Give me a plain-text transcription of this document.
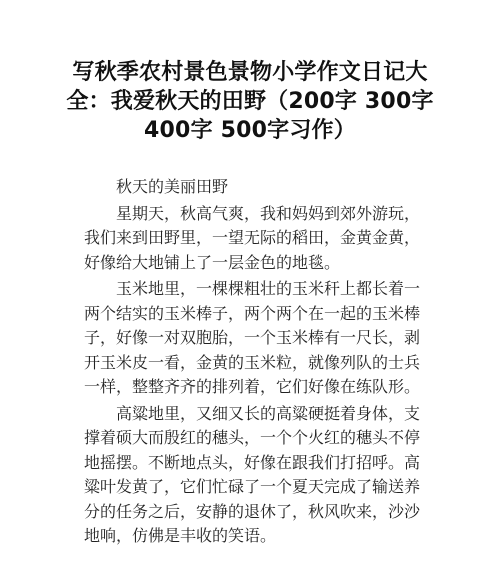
写秋季农村景色景物小学作文日记大
全：我爱秋天的田野（200字 300字
400字 500字习作）

秋天的美丽田野

星期天，秋高气爽，我和妈妈到郊外游玩，我们来到田野里，一望无际的稻田，金黄金黄，好像给大地铺上了一层金色的地毯。

玉米地里，一棵棵粗壮的玉米秆上都长着一两个结实的玉米棒子，两个两个在一起的玉米棒子，好像一对双胞胎，一个玉米棒有一尺长，剥开玉米皮一看，金黄的玉米粒，就像列队的士兵一样，整整齐齐的排列着，它们好像在练队形。

高粱地里，又细又长的高粱硬挺着身体，支撑着硕大而殷红的穗头，一个个火红的穗头不停地摇摆。不断地点头，好像在跟我们打招呼。高粱叶发黄了，它们忙碌了一个夏天完成了输送养分的任务之后，安静的退休了，秋风吹来，沙沙地响，仿佛是丰收的笑语。
